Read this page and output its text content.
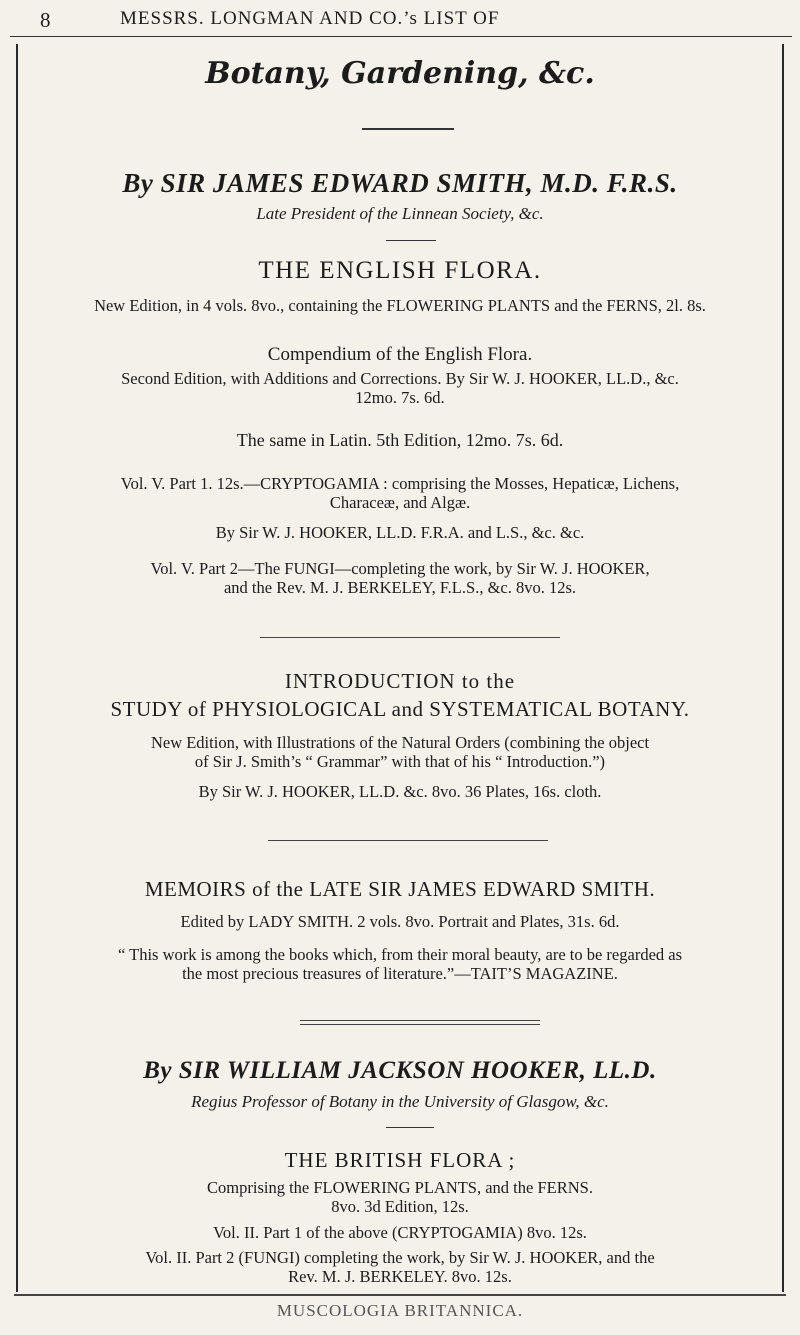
8	MESSRS. LONGMAN AND CO.’s LIST OF
Botany, Gardening, &c.
By SIR JAMES EDWARD SMITH, M.D. F.R.S.
Late President of the Linnean Society, &c.
THE ENGLISH FLORA.
New Edition, in 4 vols. 8vo., containing the FLOWERING PLANTS and the FERNS, 2l. 8s.
Compendium of the English Flora.
Second Edition, with Additions and Corrections. By Sir W. J. HOOKER, LL.D., &c.
12mo. 7s. 6d.
The same in Latin. 5th Edition, 12mo. 7s. 6d.
Vol. V. Part 1. 12s.—CRYPTOGAMIA : comprising the Mosses, Hepaticæ, Lichens,
Characeæ, and Algæ.
By Sir W. J. HOOKER, LL.D. F.R.A. and L.S., &c. &c.
Vol. V. Part 2—The FUNGI—completing the work, by Sir W. J. HOOKER,
and the Rev. M. J. BERKELEY, F.L.S., &c. 8vo. 12s.
INTRODUCTION to the
STUDY of PHYSIOLOGICAL and SYSTEMATICAL BOTANY.
New Edition, with Illustrations of the Natural Orders (combining the object
of Sir J. Smith’s “ Grammar” with that of his “ Introduction.”)
By Sir W. J. HOOKER, LL.D. &c. 8vo. 36 Plates, 16s. cloth.
MEMOIRS of the LATE SIR JAMES EDWARD SMITH.
Edited by LADY SMITH. 2 vols. 8vo. Portrait and Plates, 31s. 6d.
“ This work is among the books which, from their moral beauty, are to be regarded as
the most precious treasures of literature.”—TAIT’S MAGAZINE.
By SIR WILLIAM JACKSON HOOKER, LL.D.
Regius Professor of Botany in the University of Glasgow, &c.
THE BRITISH FLORA ;
Comprising the FLOWERING PLANTS, and the FERNS.
8vo. 3d Edition, 12s.
Vol. II. Part 1 of the above (CRYPTOGAMIA) 8vo. 12s.
Vol. II. Part 2 (FUNGI) completing the work, by Sir W. J. HOOKER, and the
Rev. M. J. BERKELEY. 8vo. 12s.
MUSCOLOGIA BRITANNICA.
